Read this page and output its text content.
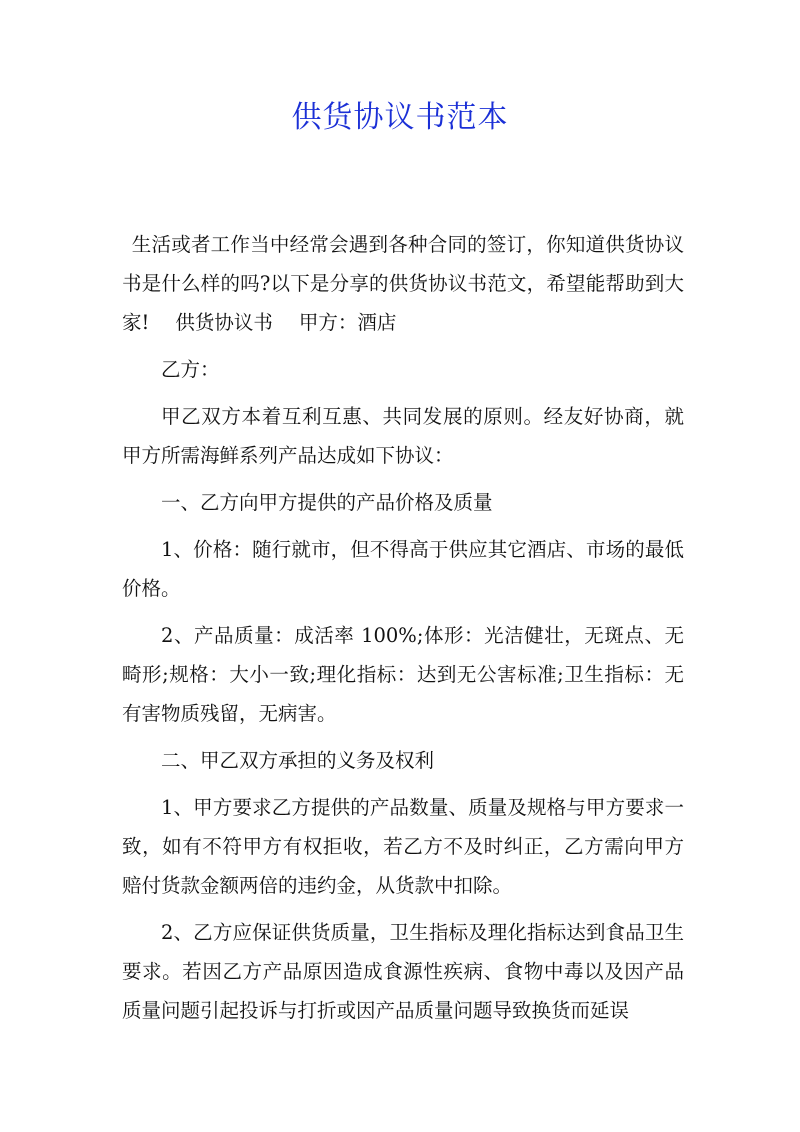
供货协议书范本

生活或者工作当中经常会遇到各种合同的签订，你知道供货协议书是什么样的吗?以下是分享的供货协议书范文，希望能帮助到大家! 供货协议书 甲方：酒店

乙方：

甲乙双方本着互利互惠、共同发展的原则。经友好协商，就甲方所需海鲜系列产品达成如下协议：

一、乙方向甲方提供的产品价格及质量

1、价格：随行就市，但不得高于供应其它酒店、市场的最低价格。

2、产品质量：成活率 100%;体形：光洁健壮，无斑点、无畸形;规格：大小一致;理化指标：达到无公害标准;卫生指标：无有害物质残留，无病害。

二、甲乙双方承担的义务及权利

1、甲方要求乙方提供的产品数量、质量及规格与甲方要求一致，如有不符甲方有权拒收，若乙方不及时纠正，乙方需向甲方赔付货款金额两倍的违约金，从货款中扣除。

2、乙方应保证供货质量，卫生指标及理化指标达到食品卫生要求。若因乙方产品原因造成食源性疾病、食物中毒以及因产品质量问题引起投诉与打折或因产品质量问题导致换货而延误
